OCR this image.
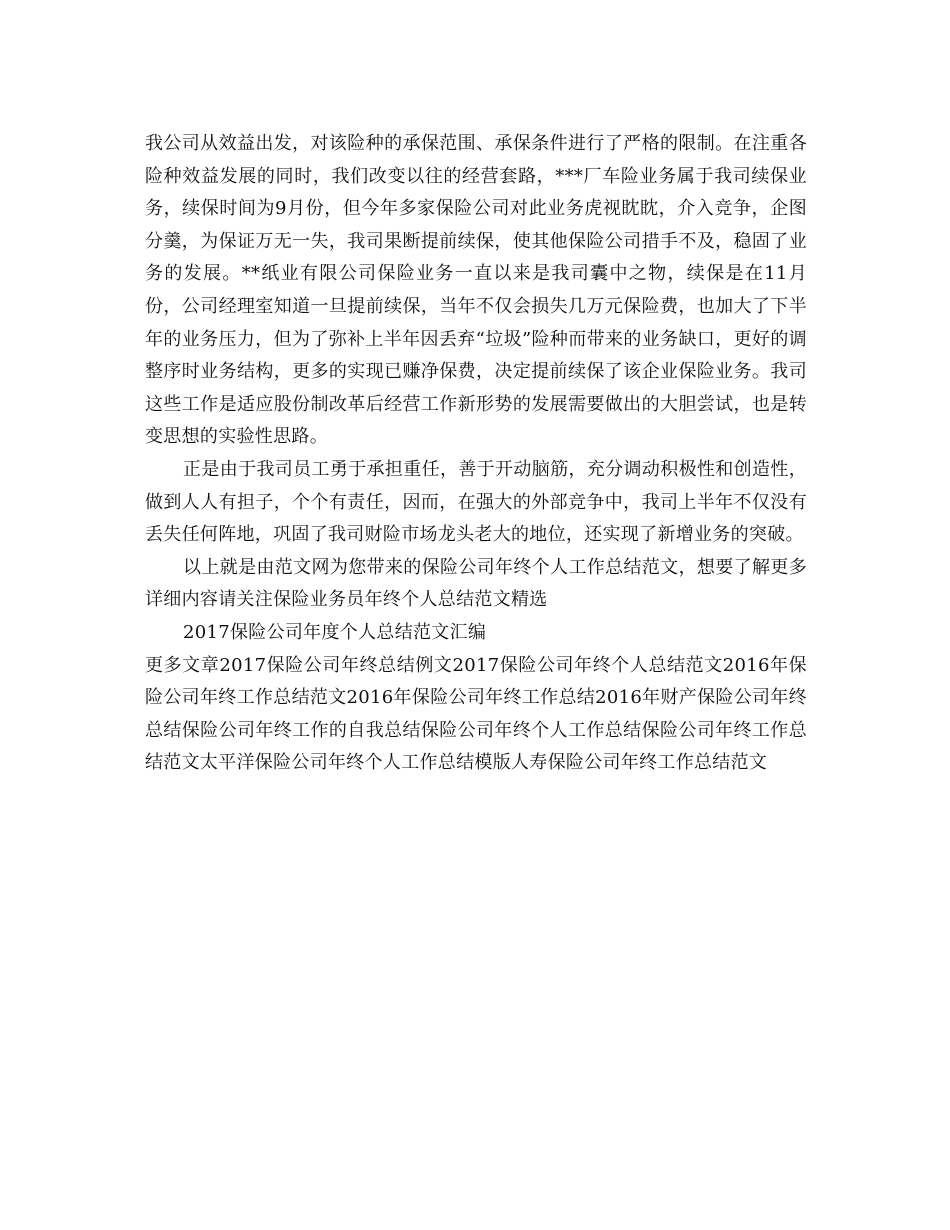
我公司从效益出发，对该险种的承保范围、承保条件进行了严格的限制。在注重各险种效益发展的同时，我们改变以往的经营套路，***厂车险业务属于我司续保业务，续保时间为9月份，但今年多家保险公司对此业务虎视眈眈，介入竞争，企图分羹，为保证万无一失，我司果断提前续保，使其他保险公司措手不及，稳固了业务的发展。**纸业有限公司保险业务一直以来是我司囊中之物，续保是在11月份，公司经理室知道一旦提前续保，当年不仅会损失几万元保险费，也加大了下半年的业务压力，但为了弥补上半年因丢弃“垃圾”险种而带来的业务缺口，更好的调整序时业务结构，更多的实现已赚净保费，决定提前续保了该企业保险业务。我司这些工作是适应股份制改革后经营工作新形势的发展需要做出的大胆尝试，也是转变思想的实验性思路。

正是由于我司员工勇于承担重任，善于开动脑筋，充分调动积极性和创造性，做到人人有担子，个个有责任，因而，在强大的外部竞争中，我司上半年不仅没有丢失任何阵地，巩固了我司财险市场龙头老大的地位，还实现了新增业务的突破。

以上就是由范文网为您带来的保险公司年终个人工作总结范文，想要了解更多详细内容请关注保险业务员年终个人总结范文精选

2017保险公司年度个人总结范文汇编

更多文章2017保险公司年终总结例文2017保险公司年终个人总结范文2016年保险公司年终工作总结范文2016年保险公司年终工作总结2016年财产保险公司年终总结保险公司年终工作的自我总结保险公司年终个人工作总结保险公司年终工作总结范文太平洋保险公司年终个人工作总结模版人寿保险公司年终工作总结范文
